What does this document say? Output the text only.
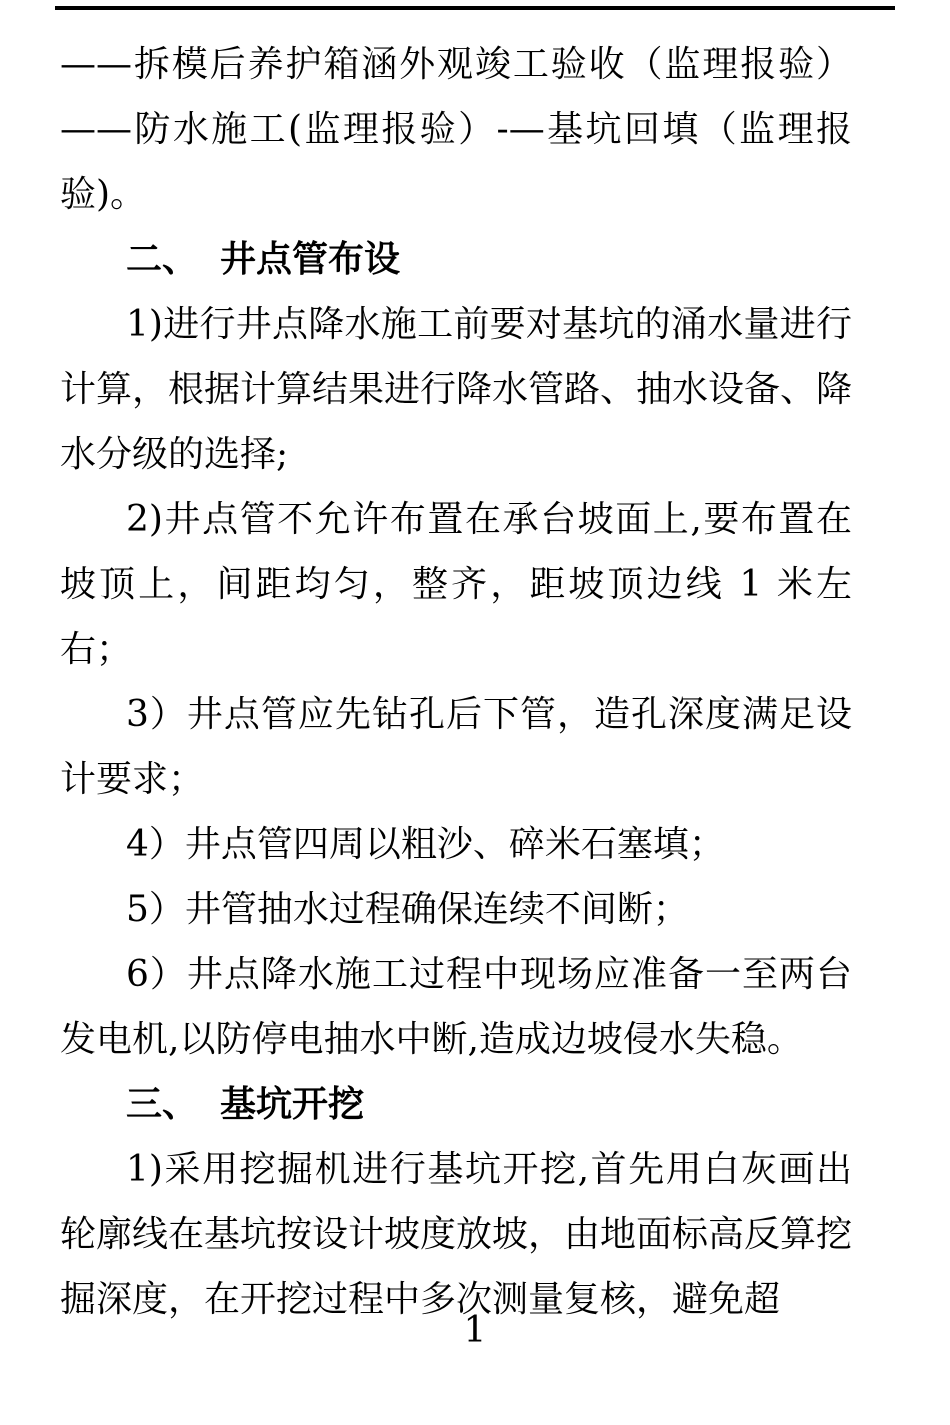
——拆模后养护箱涵外观竣工验收（监理报验）——防水施工(监理报验）-—基坑回填（监理报验)。

二、 井点管布设

1)进行井点降水施工前要对基坑的涌水量进行计算，根据计算结果进行降水管路、抽水设备、降水分级的选择;

2)井点管不允许布置在承台坡面上,要布置在坡顶上，间距均匀，整齐，距坡顶边线 1 米左右；

3）井点管应先钻孔后下管，造孔深度满足设计要求；

4）井点管四周以粗沙、碎米石塞填；

5）井管抽水过程确保连续不间断；

6）井点降水施工过程中现场应准备一至两台发电机,以防停电抽水中断,造成边坡侵水失稳。

三、 基坑开挖

1)采用挖掘机进行基坑开挖,首先用白灰画出轮廓线在基坑按设计坡度放坡，由地面标高反算挖掘深度，在开挖过程中多次测量复核，避免超

1
